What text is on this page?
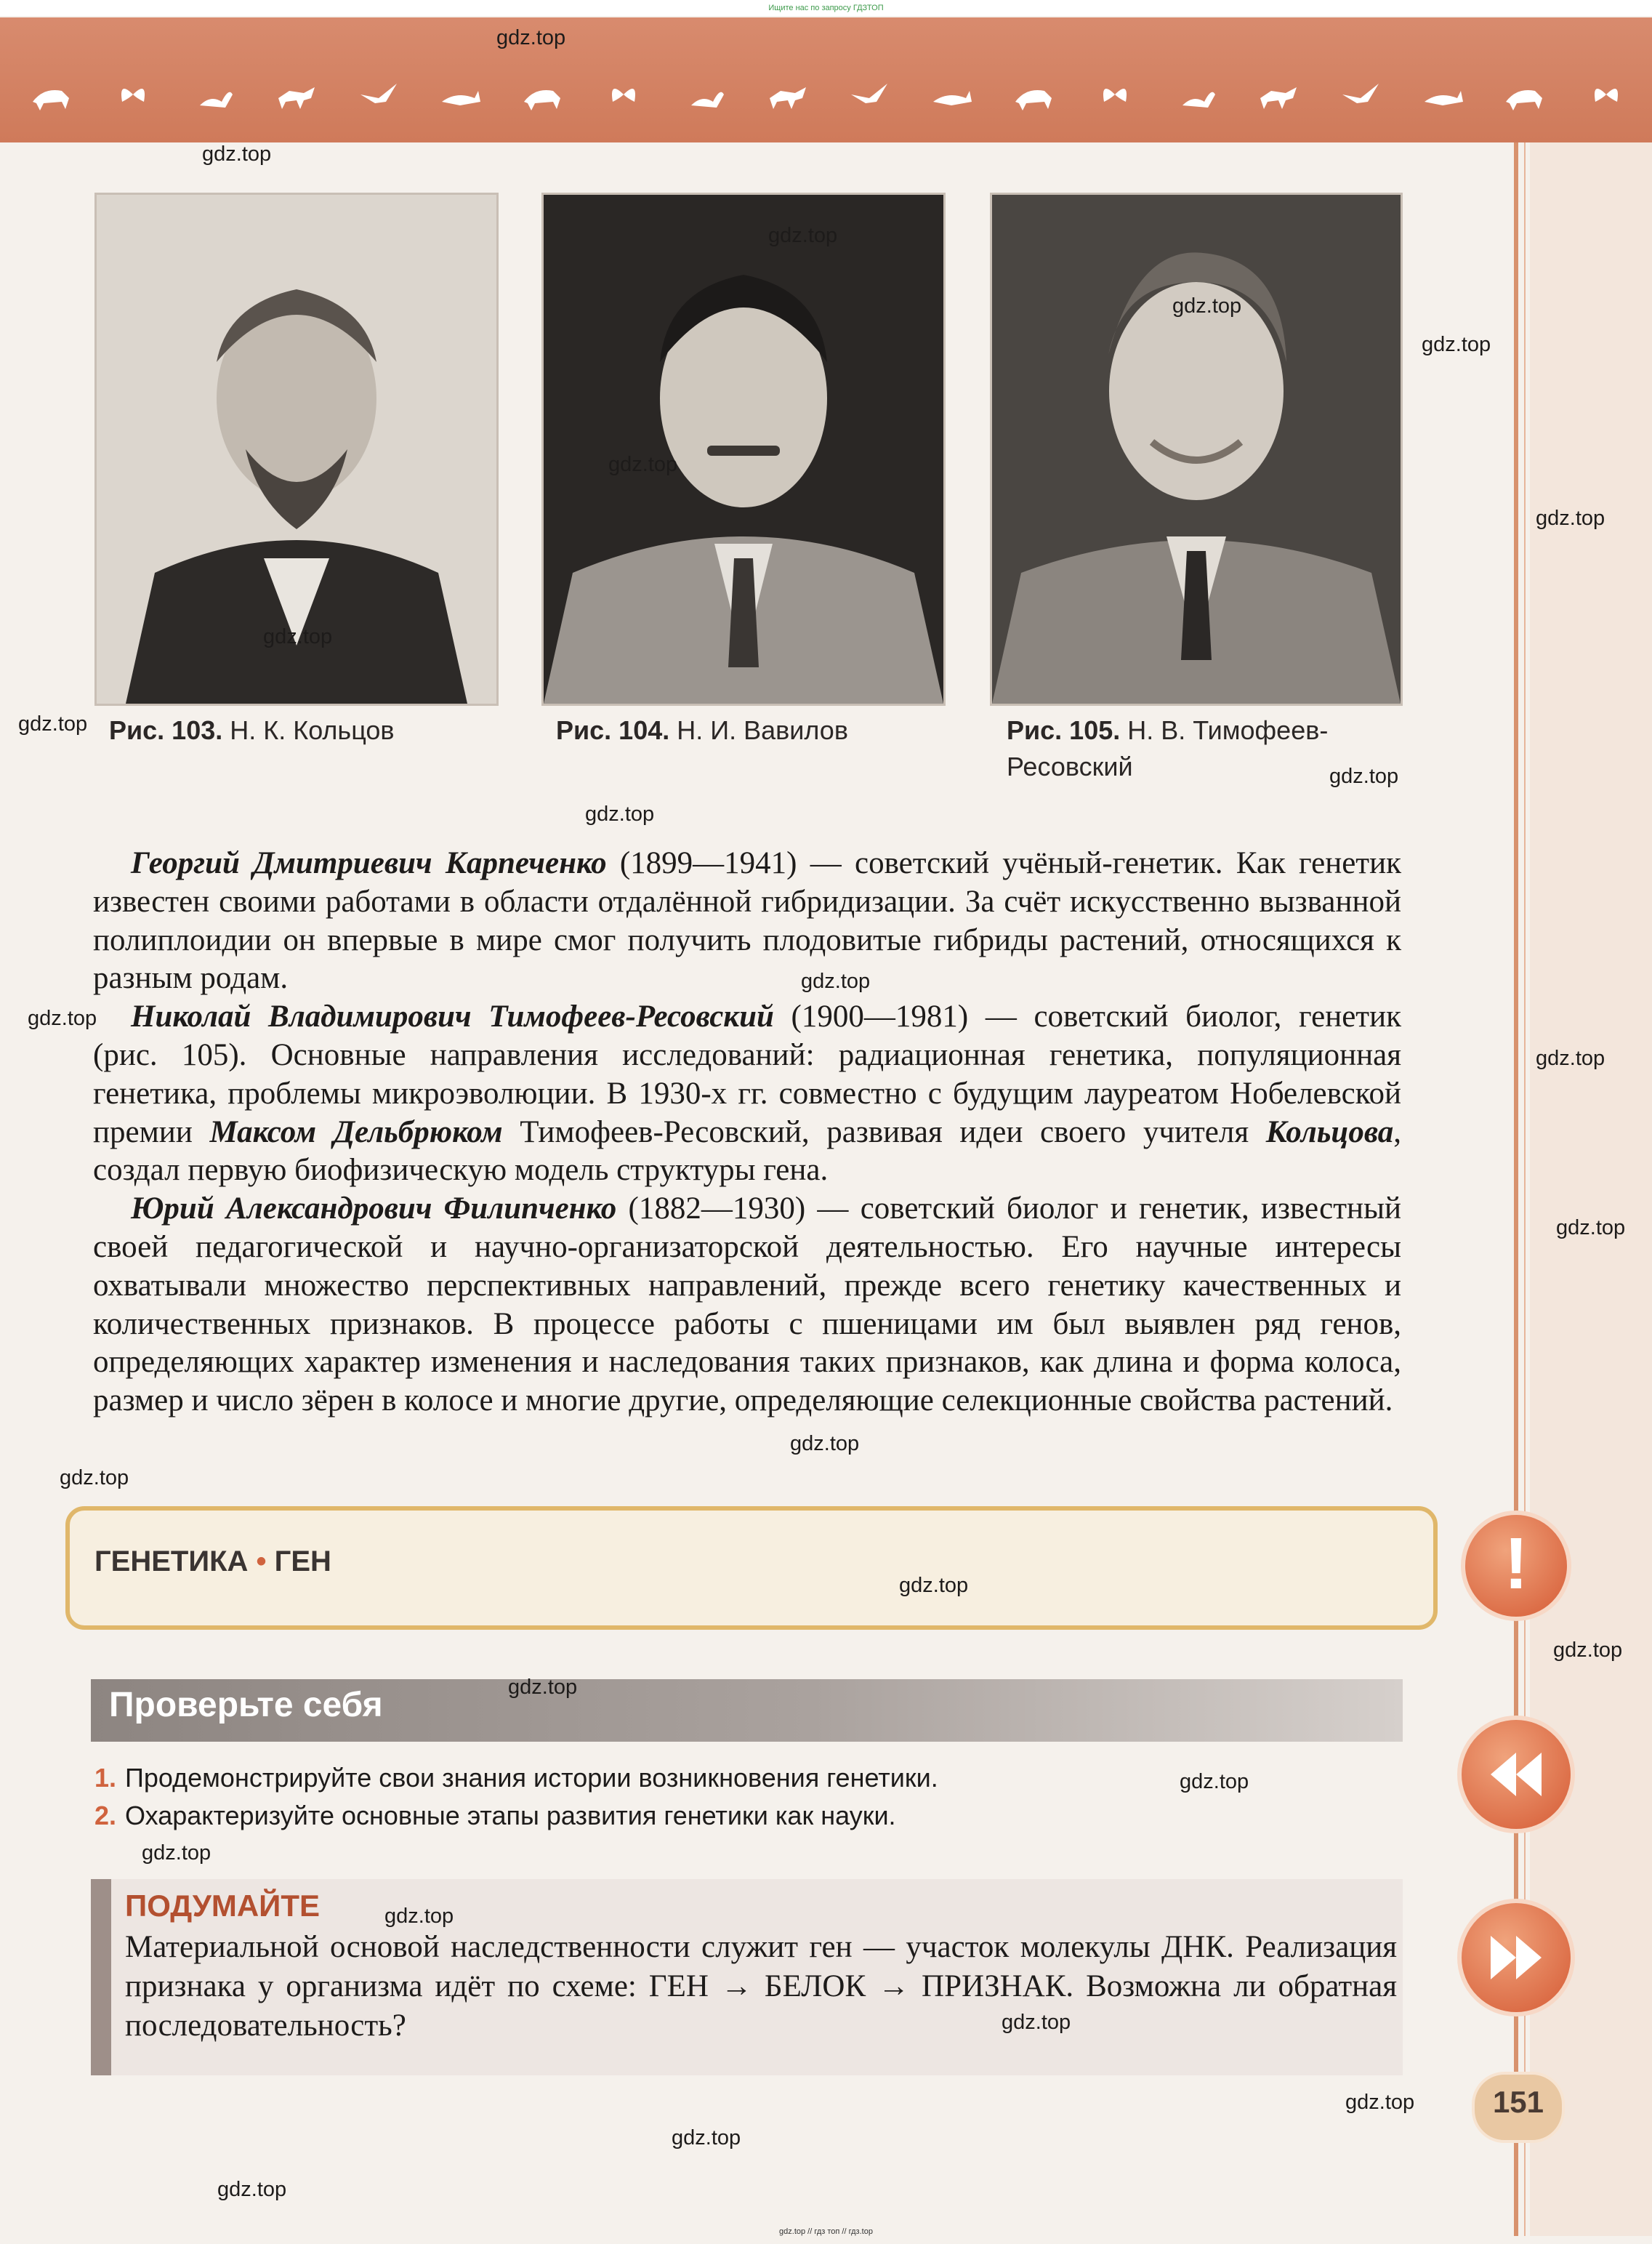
Ищите нас по запросу ГДЗТОП
Рис. 103. Н. К. Кольцов	Рис. 104. Н. И. Вавилов	Рис. 105. Н. В. Тимофеев-Ресовский

Георгий Дмитриевич Карпеченко (1899—1941) — советский учёный-генетик. Как генетик известен своими работами в области отдалённой гибридизации. За счёт искусственно вызванной полиплоидии он впервые в мире смог получить плодовитые гибриды растений, относящихся к разным родам.

Николай Владимирович Тимофеев-Ресовский (1900—1981) — советский биолог, генетик (рис. 105). Основные направления исследований: радиационная генетика, популяционная генетика, проблемы микроэволюции. В 1930-х гг. совместно с будущим лауреатом Нобелевской премии Максом Дельбрюком Тимофеев-Ресовский, развивая идеи своего учителя Кольцова, создал первую биофизическую модель структуры гена.

Юрий Александрович Филипченко (1882—1930) — советский биолог и генетик, известный своей педагогической и научно-организаторской деятельностью. Его научные интересы охватывали множество перспективных направлений, прежде всего генетику качественных и количественных признаков. В процессе работы с пшеницами им был выявлен ряд генов, определяющих характер изменения и наследования таких признаков, как длина и форма колоса, размер и число зёрен в колосе и многие другие, определяющие селекционные свойства растений.

ГЕНЕТИКА • ГЕН	!
Проверьте себя
1. Продемонстрируйте свои знания истории возникновения генетики.
2. Охарактеризуйте основные этапы развития генетики как науки.
ПОДУМАЙТЕ
Материальной основой наследственности служит ген — участок молекулы ДНК. Реализация признака у организма идёт по схеме: ГЕН → БЕЛОК → ПРИЗНАК. Возможна ли обратная последовательность?
151
gdz.top
gdz.top
gdz.top
gdz.top
gdz.top
gdz.top
gdz.top
gdz.top
gdz.top
gdz.top
gdz.top
gdz.top
gdz.top
gdz.top
gdz.top
gdz.top
gdz.top
gdz.top
gdz.top
gdz.top
gdz.top
gdz.top
gdz.top
gdz.top
gdz.top
gdz.top
gdz.top
gdz.top // гдз топ // гдз.top
